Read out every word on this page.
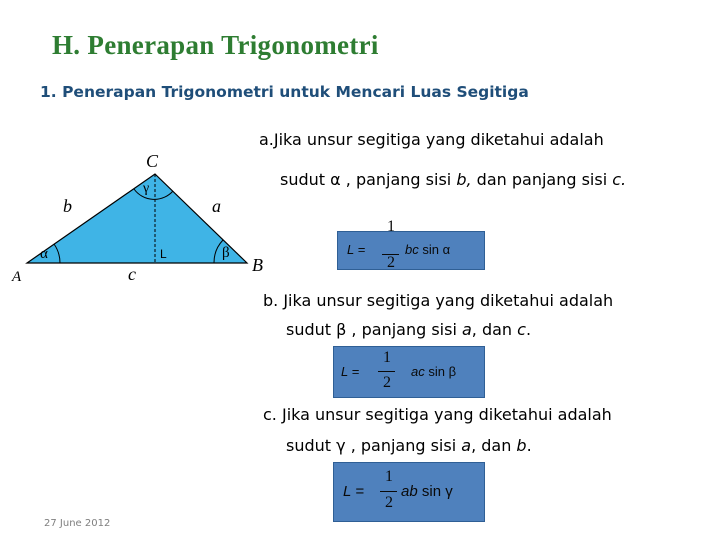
H. Penerapan Trigonometri
1. Penerapan Trigonometri untuk Mencari Luas Segitiga
C
A
B
b	a
c
α	β
γ
L
a.Jika unsur segitiga yang diketahui adalah
sudut α , panjang sisi b, dan panjang sisi c.
L =
1
2
bc sin α
b. Jika unsur segitiga yang diketahui adalah
sudut β , panjang sisi a, dan c.
L =
1
2
ac sin β
c. Jika unsur segitiga yang diketahui adalah
sudut γ , panjang sisi a, dan b.
L =
1
2
ab sin γ
27 June 2012
